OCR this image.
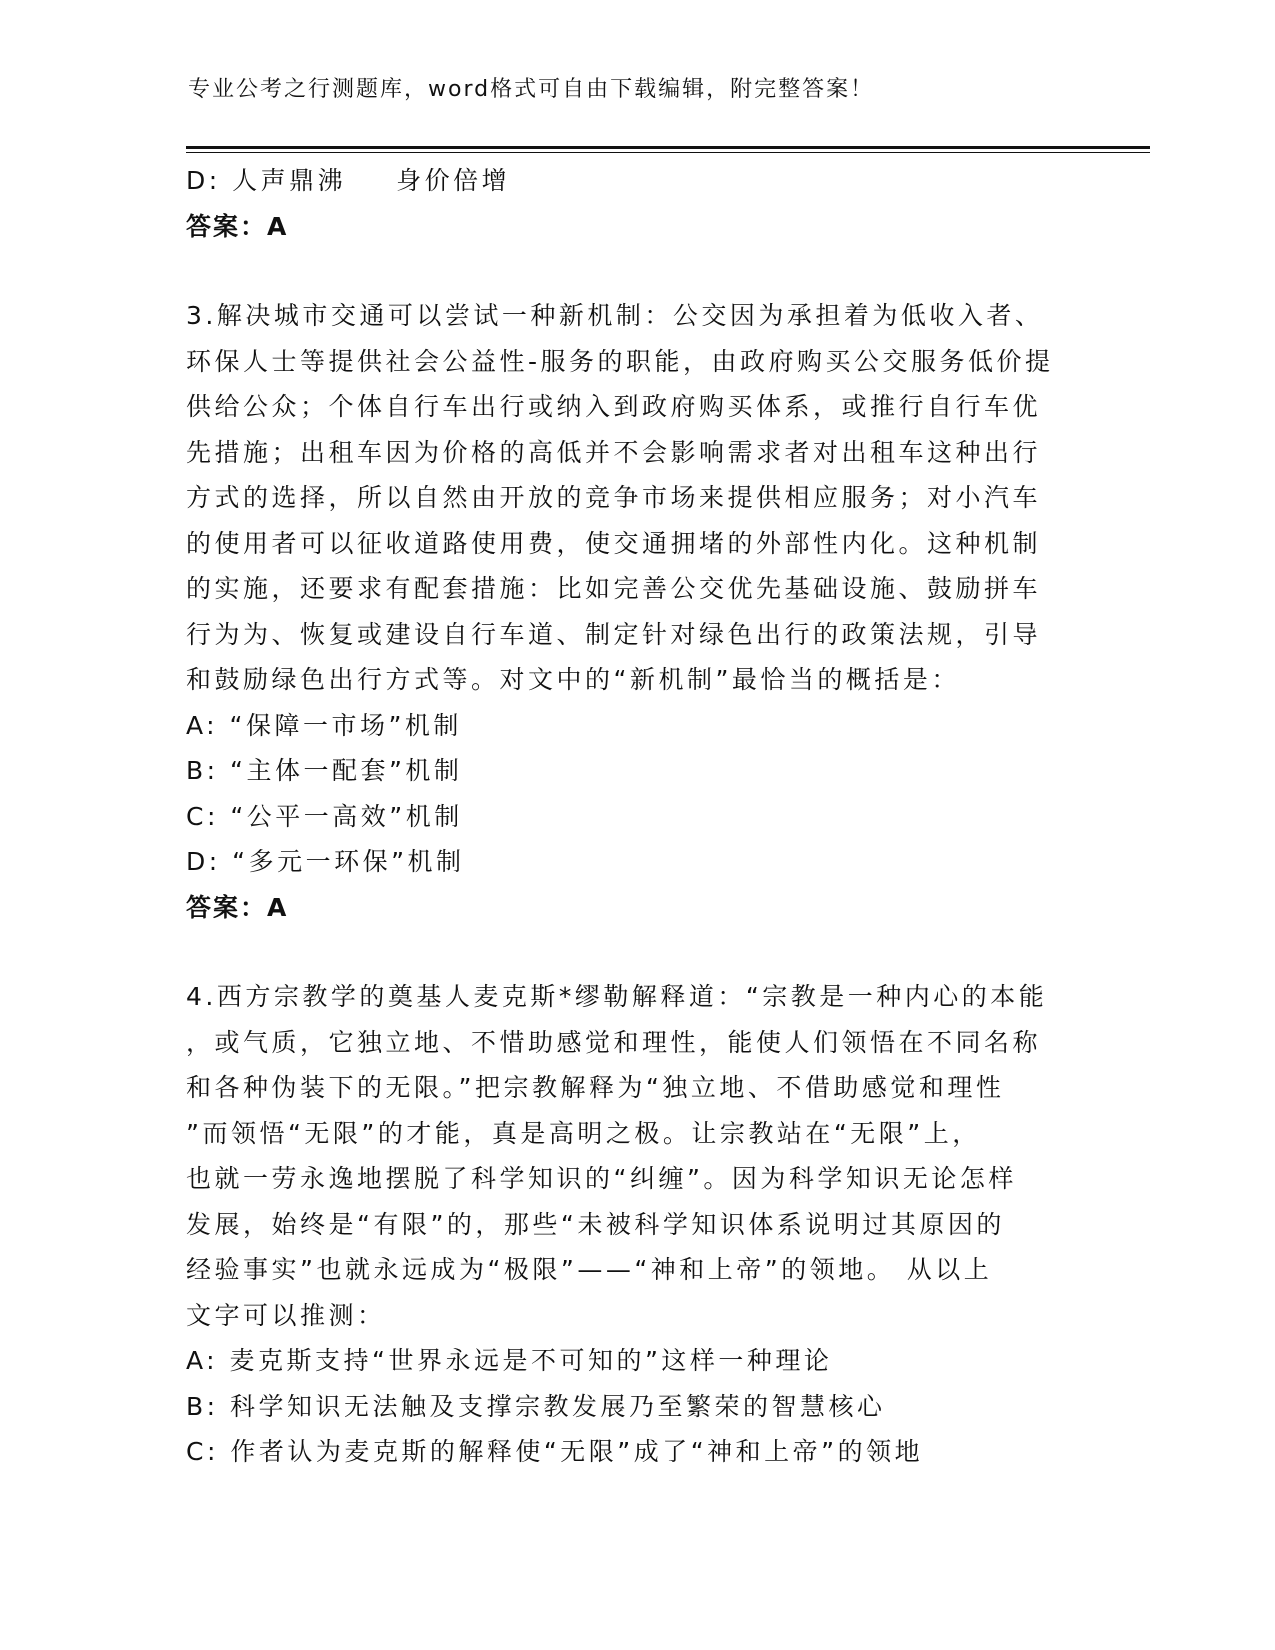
专业公考之行测题库，word格式可自由下载编辑，附完整答案！
D: 人声鼎沸 身价倍增
答案：A
3.解决城市交通可以尝试一种新机制：公交因为承担着为低收入者、
环保人士等提供社会公益性-服务的职能，由政府购买公交服务低价提
供给公众；个体自行车出行或纳入到政府购买体系，或推行自行车优
先措施；出租车因为价格的高低并不会影响需求者对出租车这种出行
方式的选择，所以自然由开放的竞争市场来提供相应服务；对小汽车
的使用者可以征收道路使用费，使交通拥堵的外部性内化。这种机制
的实施，还要求有配套措施：比如完善公交优先基础设施、鼓励拼车
行为为、恢复或建设自行车道、制定针对绿色出行的政策法规，引导
和鼓励绿色出行方式等。对文中的“新机制”最恰当的概括是：
A: “保障一市场”机制
B: “主体一配套”机制
C: “公平一高效”机制
D: “多元一环保”机制
答案：A
4.西方宗教学的奠基人麦克斯*缪勒解释道：“宗教是一种内心的本能
，或气质，它独立地、不惜助感觉和理性，能使人们领悟在不同名称
和各种伪装下的无限。”把宗教解释为“独立地、不借助感觉和理性
”而领悟“无限”的才能，真是高明之极。让宗教站在“无限”上，
也就一劳永逸地摆脱了科学知识的“纠缠”。因为科学知识无论怎样
发展，始终是“有限”的，那些“未被科学知识体系说明过其原因的
经验事实”也就永远成为“极限”——“神和上帝”的领地。 从以上
文字可以推测：
A: 麦克斯支持“世界永远是不可知的”这样一种理论
B: 科学知识无法触及支撑宗教发展乃至繁荣的智慧核心
C: 作者认为麦克斯的解释使“无限”成了“神和上帝”的领地
